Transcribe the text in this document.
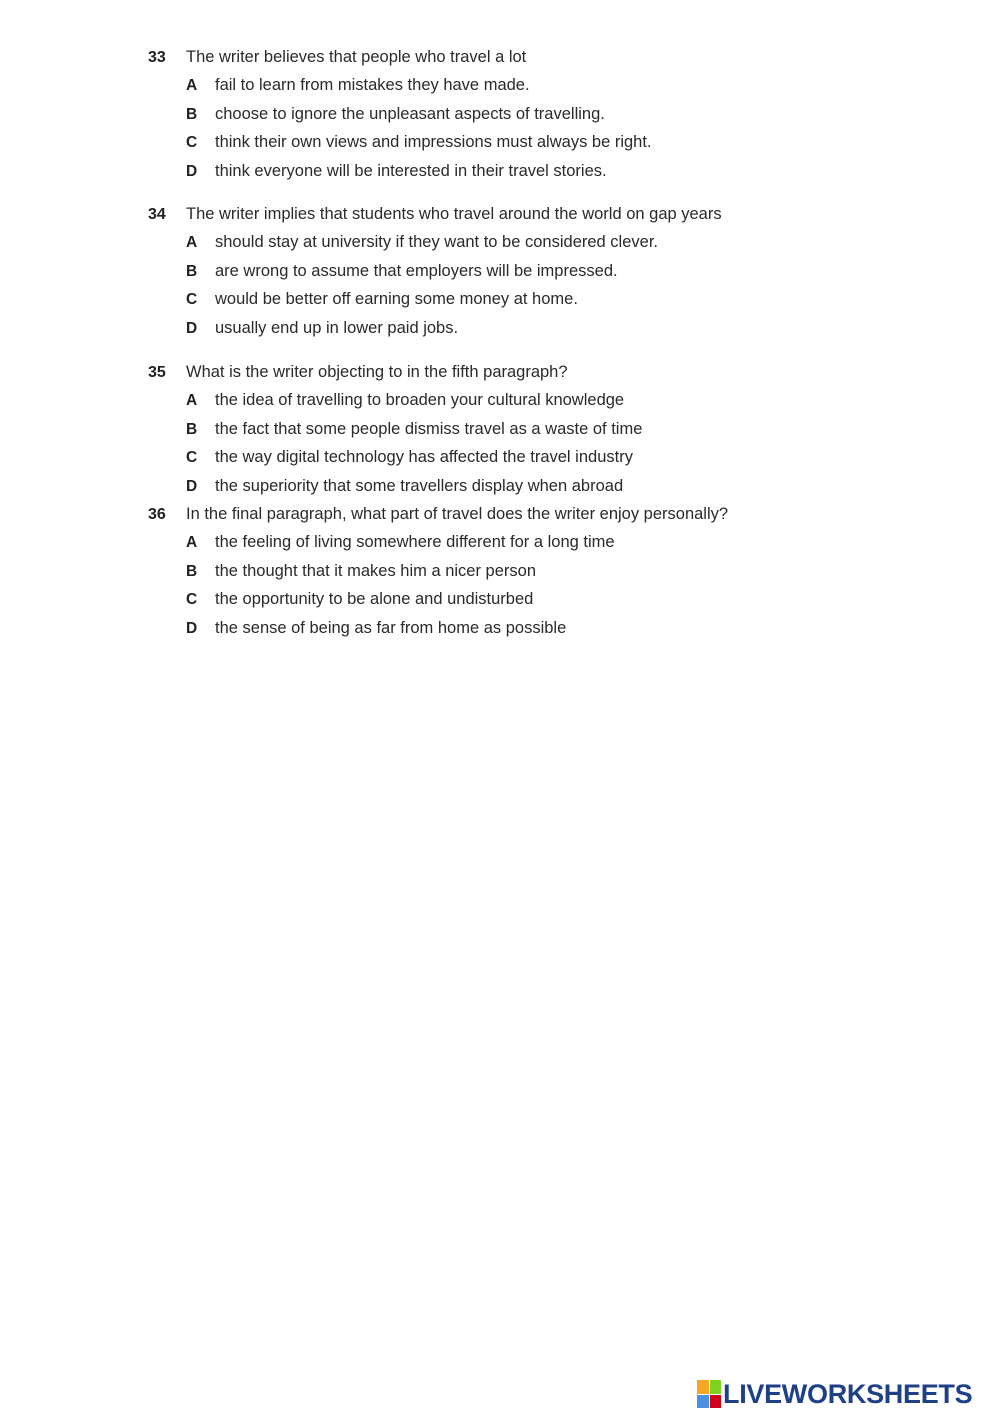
33	The writer believes that people who travel a lot
A	fail to learn from mistakes they have made.
B	choose to ignore the unpleasant aspects of travelling.
C	think their own views and impressions must always be right.
D	think everyone will be interested in their travel stories.
34	The writer implies that students who travel around the world on gap years
A	should stay at university if they want to be considered clever.
B	are wrong to assume that employers will be impressed.
C	would be better off earning some money at home.
D	usually end up in lower paid jobs.
35	What is the writer objecting to in the fifth paragraph?
A	the idea of travelling to broaden your cultural knowledge
B	the fact that some people dismiss travel as a waste of time
C	the way digital technology has affected the travel industry
D	the superiority that some travellers display when abroad
36	In the final paragraph, what part of travel does the writer enjoy personally?
A	the feeling of living somewhere different for a long time
B	the thought that it makes him a nicer person
C	the opportunity to be alone and undisturbed
D	the sense of being as far from home as possible
LIVEWORKSHEETS
